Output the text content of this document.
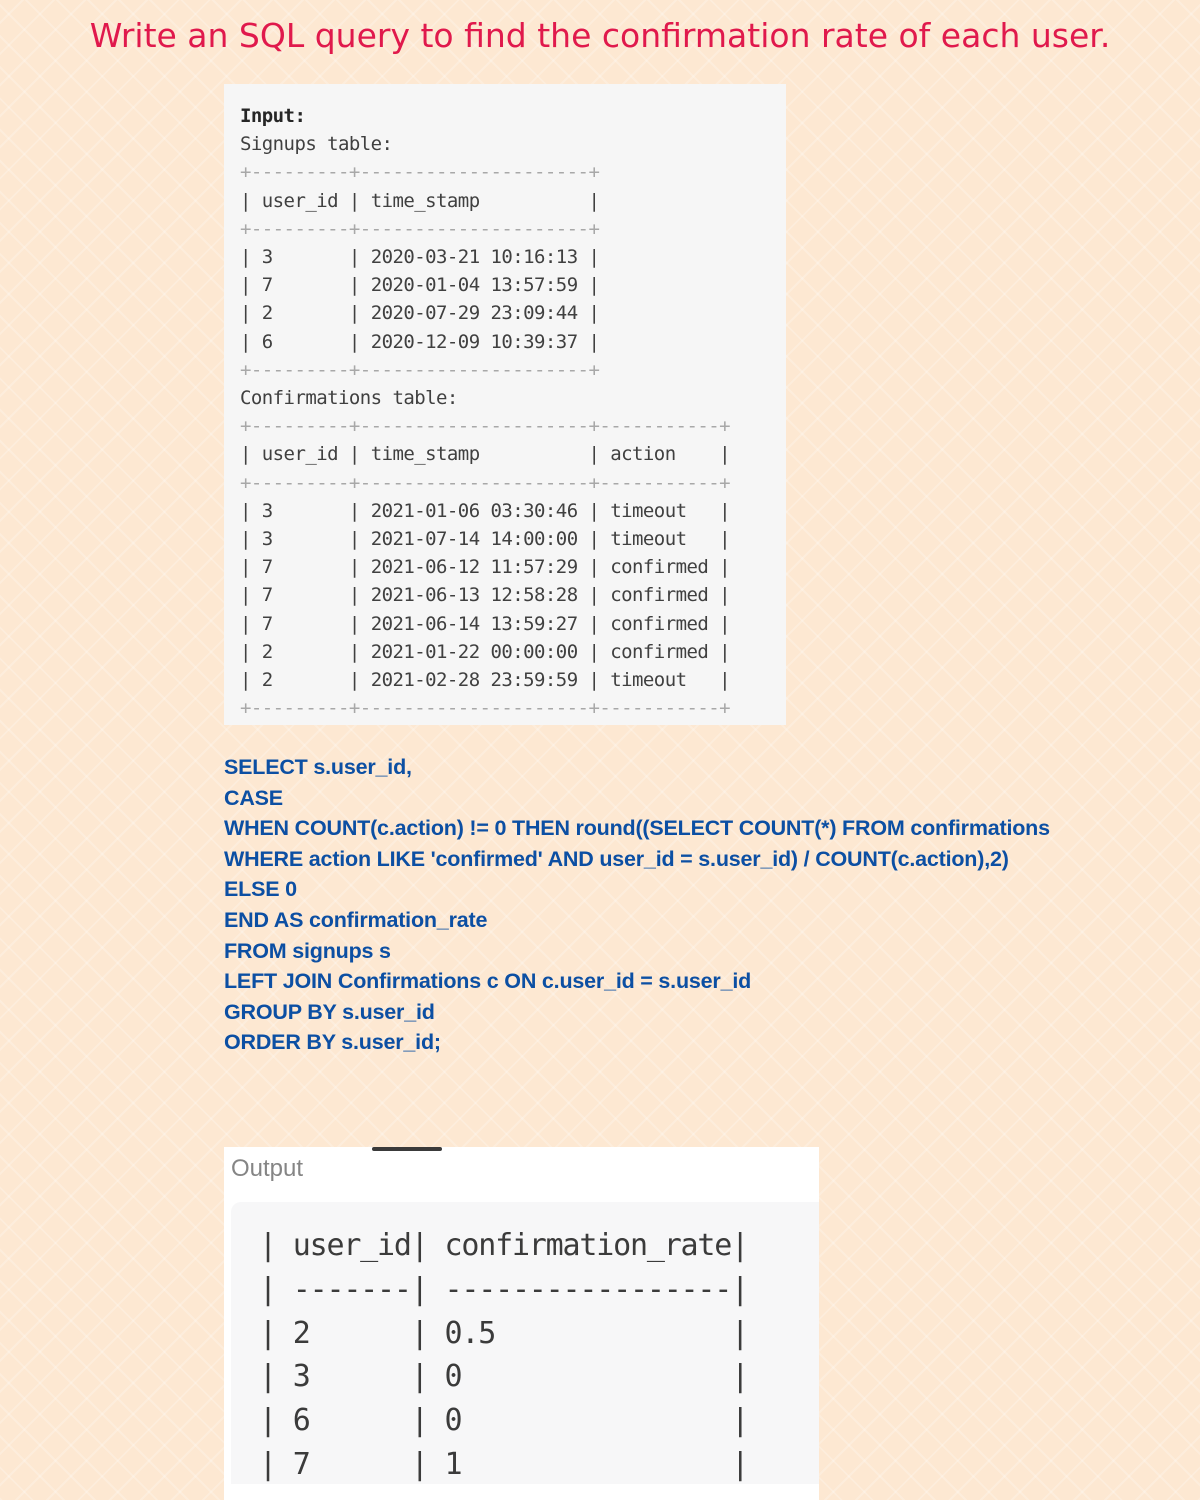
Write an SQL query to find the confirmation rate of each user.
Input:
Signups table:
+---------+---------------------+
| user_id | time_stamp	|
+---------+---------------------+
| 3	| 2020-03-21 10:16:13 |
| 7	| 2020-01-04 13:57:59 |
| 2	| 2020-07-29 23:09:44 |
| 6	| 2020-12-09 10:39:37 |
+---------+---------------------+
Confirmations table:
+---------+---------------------+-----------+
| user_id | time_stamp	| action |
+---------+---------------------+-----------+
| 3	| 2021-01-06 03:30:46 | timeout |
| 3	| 2021-07-14 14:00:00 | timeout |
| 7	| 2021-06-12 11:57:29 | confirmed |
| 7	| 2021-06-13 12:58:28 | confirmed |
| 7	| 2021-06-14 13:59:27 | confirmed |
| 2	| 2021-01-22 00:00:00 | confirmed |
| 2	| 2021-02-28 23:59:59 | timeout |
+---------+---------------------+-----------+

SELECT s.user_id,
CASE
WHEN COUNT(c.action) != 0 THEN round((SELECT COUNT(*) FROM confirmations
WHERE action LIKE 'confirmed' AND user_id = s.user_id) / COUNT(c.action),2)
ELSE 0
END AS confirmation_rate
FROM signups s
LEFT JOIN Confirmations c ON c.user_id = s.user_id
GROUP BY s.user_id
ORDER BY s.user_id;
Output
| user_id| confirmation_rate|
| -------| -----------------|
| 2	| 0.5	|
| 3	| 0	|
| 6	| 0	|
| 7	| 1	|
